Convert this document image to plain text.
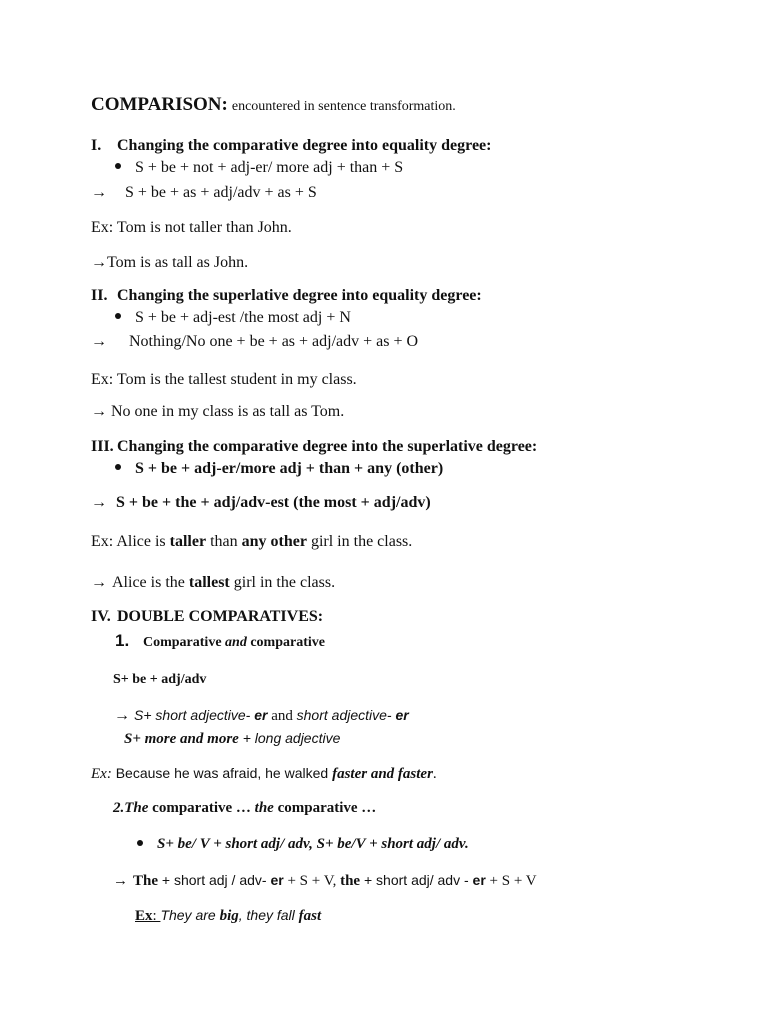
COMPARISON: encountered in sentence transformation.
I. Changing the comparative degree into equality degree:
S + be + not + adj-er/ more adj + than + S
→ S + be + as + adj/adv + as + S
Ex: Tom is not taller than John.
→Tom is as tall as John.
II. Changing the superlative degree into equality degree:
S + be + adj-est /the most adj + N
→ Nothing/No one + be + as + adj/adv + as + O
Ex: Tom is the tallest student in my class.
→ No one in my class is as tall as Tom.
III. Changing the comparative degree into the superlative degree:
S + be + adj-er/more adj + than + any (other)
→ S + be + the + adj/adv-est (the most + adj/adv)
Ex: Alice is taller than any other girl in the class.
→ Alice is the tallest girl in the class.
IV. DOUBLE COMPARATIVES:
1. Comparative and comparative
S+ be + adj/adv
→ S+ short adjective- er and short adjective- er
S+ more and more + long adjective
Ex: Because he was afraid, he walked faster and faster.
2.The comparative … the comparative …
S+ be/ V + short adj/ adv, S+ be/V + short adj/ adv.
→ The + short adj / adv- er + S + V, the + short adj/ adv - er + S + V
Ex: They are big, they fall fast
